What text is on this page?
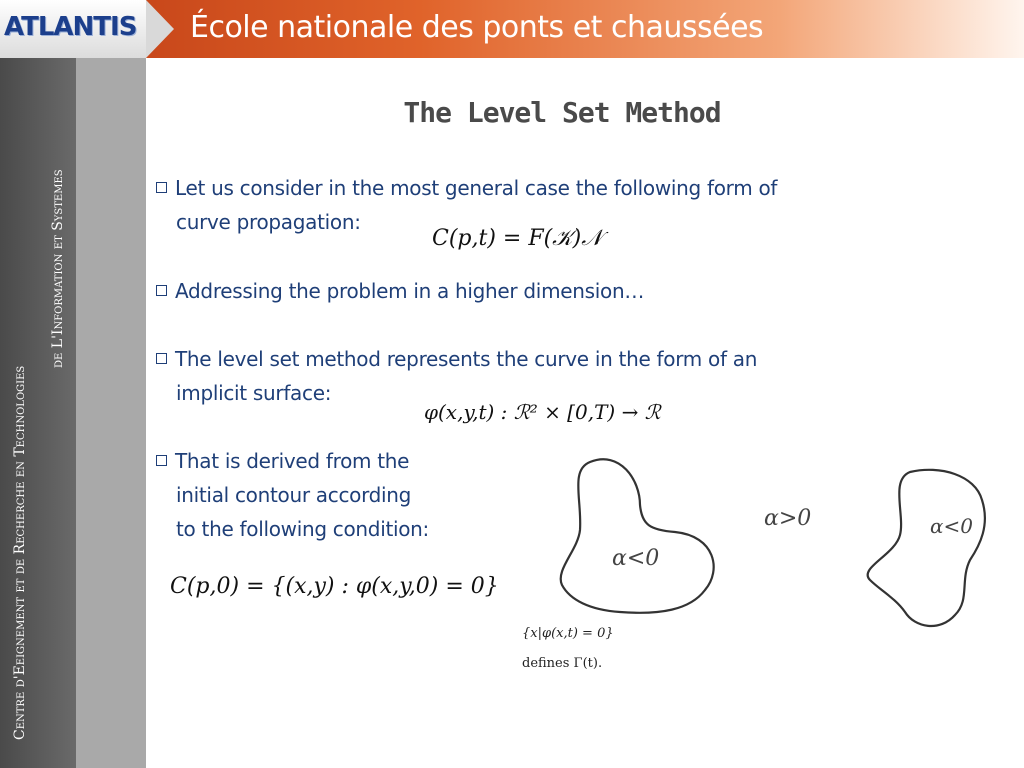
ATLANTIS École nationale des ponts et chaussées
Centre d'Eeignement et de Recherche en Technologies
de L'Information et Systemes
The Level Set Method
Let us consider in the most general case the following form of
curve propagation:
C(p,t) = F(𝒦)𝒩
Addressing the problem in a higher dimension…
The level set method represents the curve in the form of an
implicit surface:
φ(x,y,t) : ℛ² × [0,T) → ℛ
That is derived from the
initial contour according
to the following condition:
C(p,0) = {(x,y) : φ(x,y,0) = 0}
α<0
α>0	α<0
{x|φ(x,t) = 0}
defines Γ(t).
